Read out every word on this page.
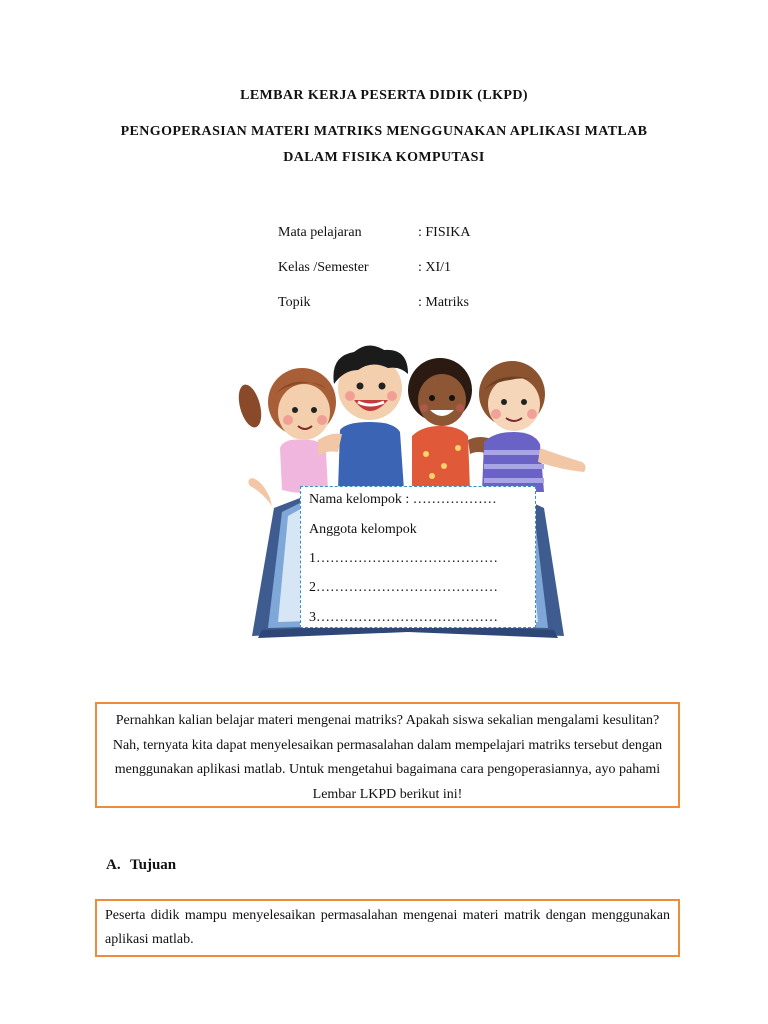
LEMBAR KERJA PESERTA DIDIK (LKPD)
PENGOPERASIAN MATERI MATRIKS MENGGUNAKAN APLIKASI MATLAB
DALAM FISIKA KOMPUTASI
Mata pelajaran	: FISIKA
Kelas /Semester	: XI/1
Topik	: Matriks
Nama kelompok : ………………
Anggota kelompok
1…………………………………
2…………………………………
3…………………………………
Pernahkan kalian belajar materi mengenai matriks? Apakah siswa sekalian mengalami kesulitan? Nah, ternyata kita dapat menyelesaikan permasalahan dalam mempelajari matriks tersebut dengan menggunakan aplikasi matlab. Untuk mengetahui bagaimana cara pengoperasiannya, ayo pahami Lembar LKPD berikut ini!
A. Tujuan
Peserta didik mampu menyelesaikan permasalahan mengenai materi matrik dengan menggunakan aplikasi matlab.
